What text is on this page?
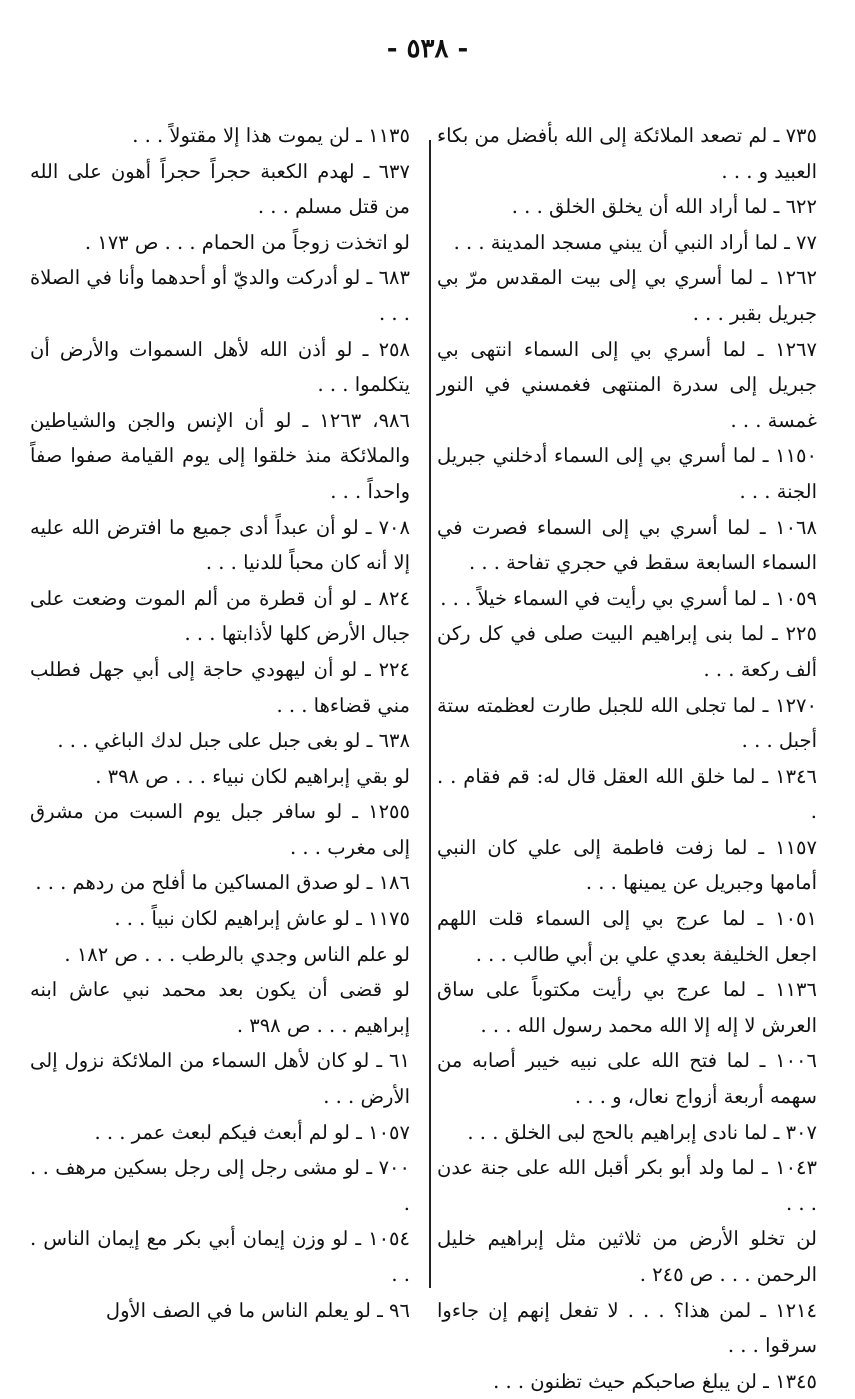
- ٥٣٨ -

٧٣٥ ـ لم تصعد الملائكة إلى الله بأفضل من بكاء العبيد و . . .

٦٢٢ ـ لما أراد الله أن يخلق الخلق . . .

٧٧ ـ لما أراد النبي أن يبني مسجد المدينة . . .

١٢٦٢ ـ لما أسري بي إلى بيت المقدس مرّ بي جبريل بقبر . . .

١٢٦٧ ـ لما أسري بي إلى السماء انتهى بي جبريل إلى سدرة المنتهى فغمسني في النور غمسة . . .

١١٥٠ ـ لما أسري بي إلى السماء أدخلني جبريل الجنة . . .

١٠٦٨ ـ لما أسري بي إلى السماء فصرت في السماء السابعة سقط في حجري تفاحة . . .

١٠٥٩ ـ لما أسري بي رأيت في السماء خيلاً . . .

٢٢٥ ـ لما بنى إبراهيم البيت صلى في كل ركن ألف ركعة . . .

١٢٧٠ ـ لما تجلى الله للجبل طارت لعظمته ستة أجبل . . .

١٣٤٦ ـ لما خلق الله العقل قال له: قم فقام . . .

١١٥٧ ـ لما زفت فاطمة إلى علي كان النبي أمامها وجبريل عن يمينها . . .

١٠٥١ ـ لما عرج بي إلى السماء قلت اللهم اجعل الخليفة بعدي علي بن أبي طالب . . .

١١٣٦ ـ لما عرج بي رأيت مكتوباً على ساق العرش لا إله إلا الله محمد رسول الله . . .

١٠٠٦ ـ لما فتح الله على نبيه خيبر أصابه من سهمه أربعة أزواج نعال، و . . .

٣٠٧ ـ لما نادى إبراهيم بالحج لبى الخلق . . .

١٠٤٣ ـ لما ولد أبو بكر أقبل الله على جنة عدن . . .

لن تخلو الأرض من ثلاثين مثل إبراهيم خليل الرحمن . . . ص ٢٤٥ .

١٢١٤ ـ لمن هذا؟ . . . لا تفعل إنهم إن جاءوا سرقوا . . .

١٣٤٥ ـ لن يبلغ صاحبكم حيث تظنون . . .

١١٣٥ ـ لن يموت هذا إلا مقتولاً . . .

٦٣٧ ـ لهدم الكعبة حجراً حجراً أهون على الله من قتل مسلم . . .

لو اتخذت زوجاً من الحمام . . . ص ١٧٣ .

٦٨٣ ـ لو أدركت والديّ أو أحدهما وأنا في الصلاة . . .

٢٥٨ ـ لو أذن الله لأهل السموات والأرض أن يتكلموا . . .

٩٨٦، ١٢٦٣ ـ لو أن الإنس والجن والشياطين والملائكة منذ خلقوا إلى يوم القيامة صفوا صفاً واحداً . . .

٧٠٨ ـ لو أن عبداً أدى جميع ما افترض الله عليه إلا أنه كان محباً للدنيا . . .

٨٢٤ ـ لو أن قطرة من ألم الموت وضعت على جبال الأرض كلها لأذابتها . . .

٢٢٤ ـ لو أن ليهودي حاجة إلى أبي جهل فطلب مني قضاءها . . .

٦٣٨ ـ لو بغى جبل على جبل لدك الباغي . . .

لو بقي إبراهيم لكان نبياء . . . ص ٣٩٨ .

١٢٥٥ ـ لو سافر جبل يوم السبت من مشرق إلى مغرب . . .

١٨٦ ـ لو صدق المساكين ما أفلح من ردهم . . .

١١٧٥ ـ لو عاش إبراهيم لكان نبياً . . .

لو علم الناس وجدي بالرطب . . . ص ١٨٢ .

لو قضى أن يكون بعد محمد نبي عاش ابنه إبراهيم . . . ص ٣٩٨ .

٦١ ـ لو كان لأهل السماء من الملائكة نزول إلى الأرض . . .

١٠٥٧ ـ لو لم أبعث فيكم لبعث عمر . . .

٧٠٠ ـ لو مشى رجل إلى رجل بسكين مرهف . . .

١٠٥٤ ـ لو وزن إيمان أبي بكر مع إيمان الناس . . .

٩٦ ـ لو يعلم الناس ما في الصف الأول
